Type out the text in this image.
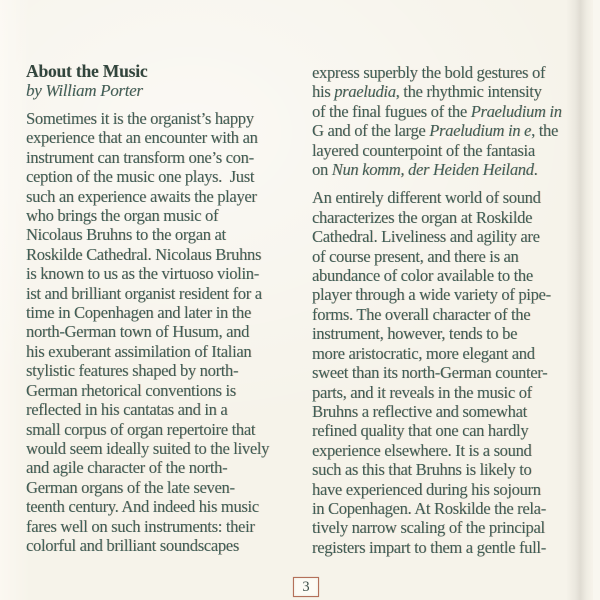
About the Music
by William Porter
Sometimes it is the organist’s happy
experience that an encounter with an
instrument can transform one’s con-
ception of the music one plays.  Just
such an experience awaits the player
who brings the organ music of
Nicolaus Bruhns to the organ at
Roskilde Cathedral. Nicolaus Bruhns
is known to us as the virtuoso violin-
ist and brilliant organist resident for a
time in Copenhagen and later in the
north-German town of Husum, and
his exuberant assimilation of Italian
stylistic features shaped by north-
German rhetorical conventions is
reflected in his cantatas and in a
small corpus of organ repertoire that
would seem ideally suited to the lively
and agile character of the north-
German organs of the late seven-
teenth century. And indeed his music
fares well on such instruments: their
colorful and brilliant soundscapes
express superbly the bold gestures of
his praeludia, the rhythmic intensity
of the final fugues of the Praeludium in
G and of the large Praeludium in e, the
layered counterpoint of the fantasia
on Nun komm, der Heiden Heiland.
An entirely different world of sound
characterizes the organ at Roskilde
Cathedral. Liveliness and agility are
of course present, and there is an
abundance of color available to the
player through a wide variety of pipe-
forms. The overall character of the
instrument, however, tends to be
more aristocratic, more elegant and
sweet than its north-German counter-
parts, and it reveals in the music of
Bruhns a reflective and somewhat
refined quality that one can hardly
experience elsewhere. It is a sound
such as this that Bruhns is likely to
have experienced during his sojourn
in Copenhagen. At Roskilde the rela-
tively narrow scaling of the principal
registers impart to them a gentle full-
3
